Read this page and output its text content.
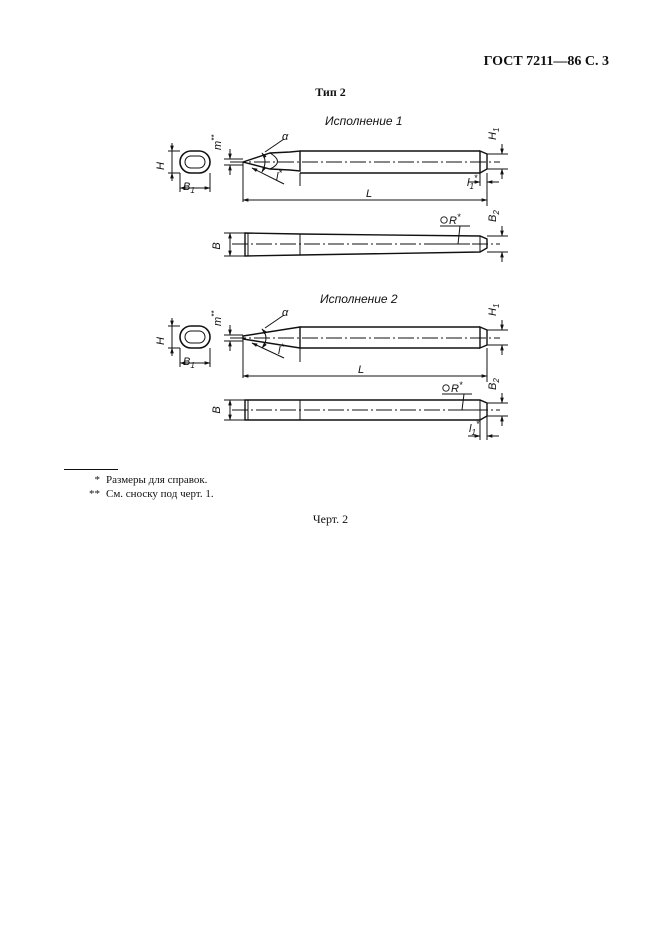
ГОСТ 7211—86 С. 3
Тип 2
Исполнение 1
H
$B_1$
m**	α
l*
L
$H_1$
$l_1^*$
B
R* $B_2$
Исполнение 2
H
$B_1$
m**	α
l*
L
$H_1$
B
R* $B_2$
$l_1^*$
* Размеры для справок.
** См. сноску под черт. 1.
Черт. 2
